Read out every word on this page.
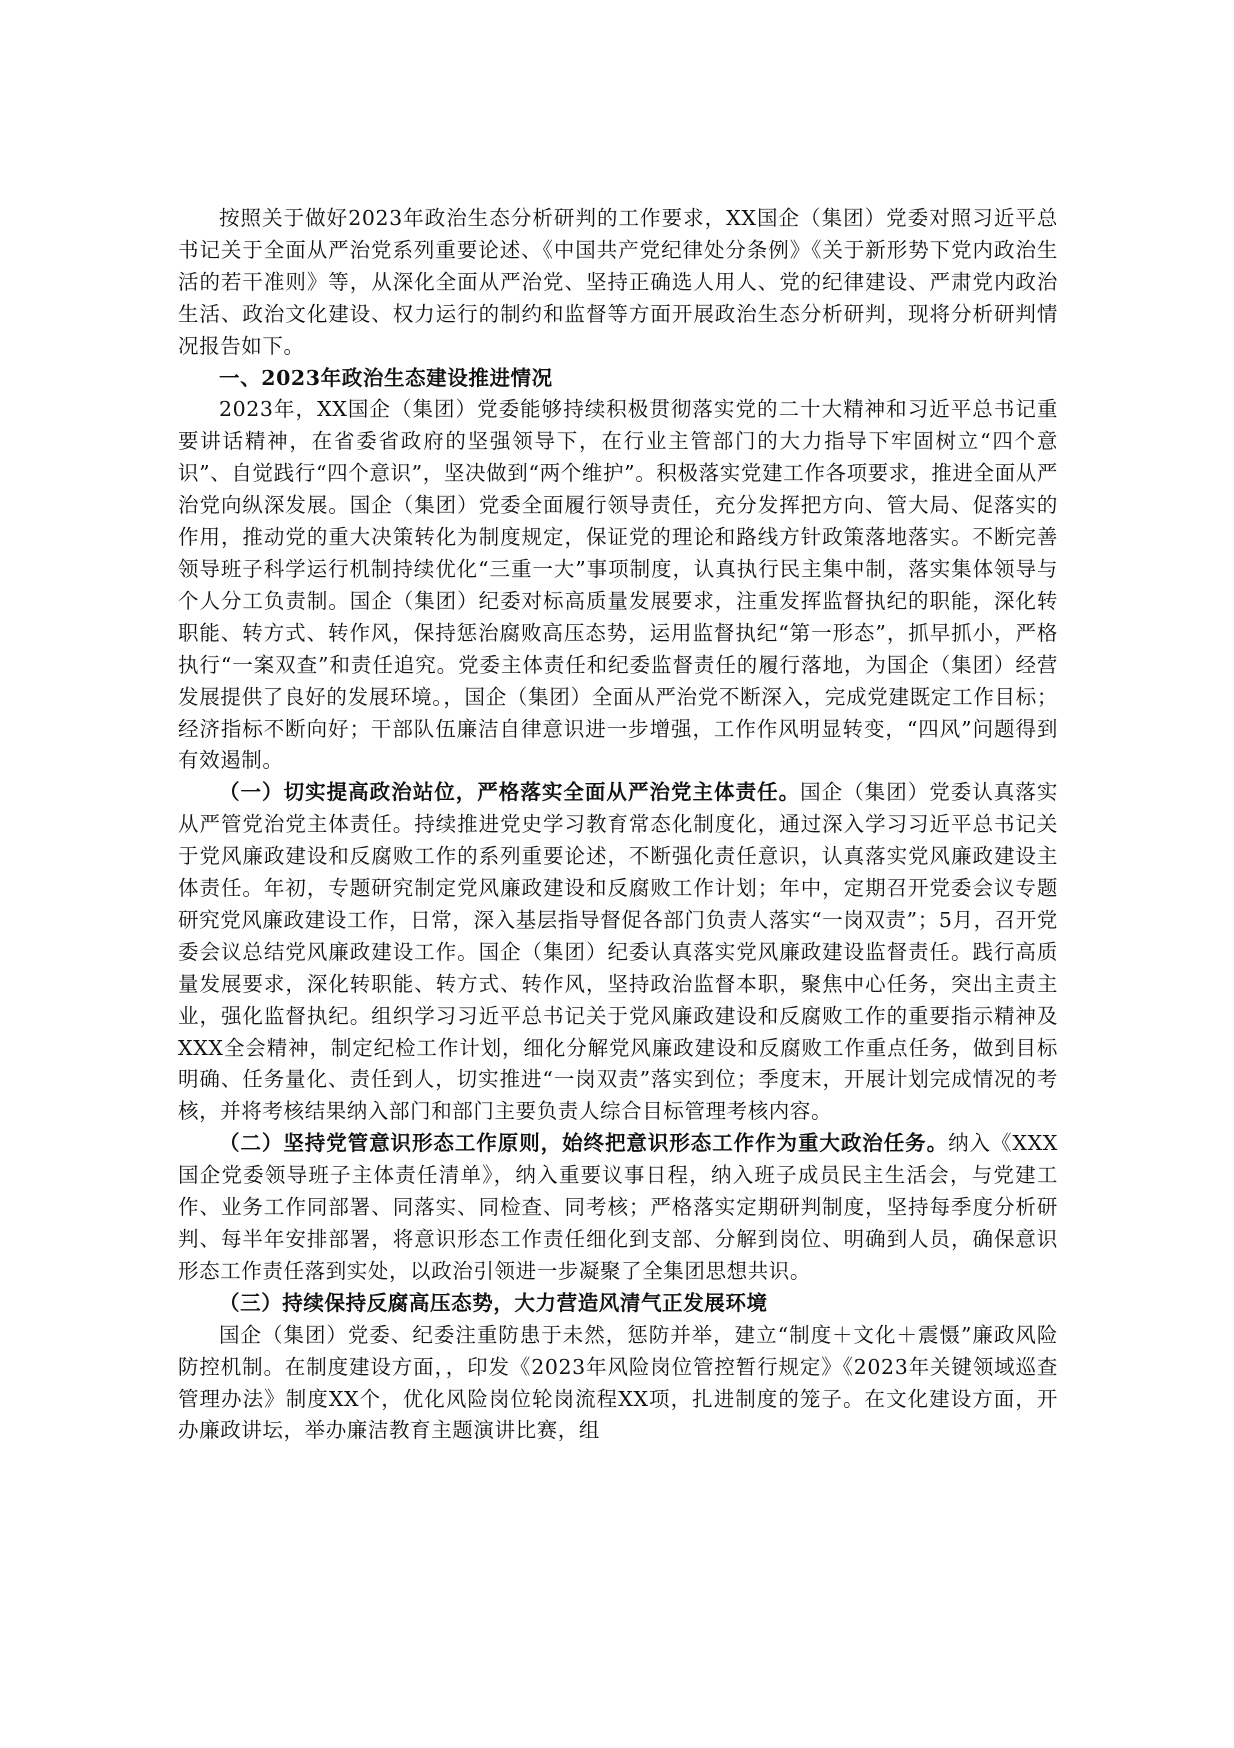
按照关于做好2023年政治生态分析研判的工作要求，XX国企（集团）党委对照习近平总书记关于全面从严治党系列重要论述、《中国共产党纪律处分条例》《关于新形势下党内政治生活的若干准则》等，从深化全面从严治党、坚持正确选人用人、党的纪律建设、严肃党内政治生活、政治文化建设、权力运行的制约和监督等方面开展政治生态分析研判，现将分析研判情况报告如下。

一、2023年政治生态建设推进情况

2023年，XX国企（集团）党委能够持续积极贯彻落实党的二十大精神和习近平总书记重要讲话精神，在省委省政府的坚强领导下，在行业主管部门的大力指导下牢固树立“四个意识”、自觉践行“四个意识”，坚决做到“两个维护”。积极落实党建工作各项要求，推进全面从严治党向纵深发展。国企（集团）党委全面履行领导责任，充分发挥把方向、管大局、促落实的作用，推动党的重大决策转化为制度规定，保证党的理论和路线方针政策落地落实。不断完善领导班子科学运行机制持续优化“三重一大”事项制度，认真执行民主集中制，落实集体领导与个人分工负责制。国企（集团）纪委对标高质量发展要求，注重发挥监督执纪的职能，深化转职能、转方式、转作风，保持惩治腐败高压态势，运用监督执纪“第一形态”，抓早抓小，严格执行“一案双查”和责任追究。党委主体责任和纪委监督责任的履行落地，为国企（集团）经营发展提供了良好的发展环境。，国企（集团）全面从严治党不断深入，完成党建既定工作目标；经济指标不断向好；干部队伍廉洁自律意识进一步增强，工作作风明显转变，“四风”问题得到有效遏制。

（一）切实提高政治站位，严格落实全面从严治党主体责任。国企（集团）党委认真落实从严管党治党主体责任。持续推进党史学习教育常态化制度化，通过深入学习习近平总书记关于党风廉政建设和反腐败工作的系列重要论述，不断强化责任意识，认真落实党风廉政建设主体责任。年初，专题研究制定党风廉政建设和反腐败工作计划；年中，定期召开党委会议专题研究党风廉政建设工作，日常，深入基层指导督促各部门负责人落实“一岗双责”；5月，召开党委会议总结党风廉政建设工作。国企（集团）纪委认真落实党风廉政建设监督责任。践行高质量发展要求，深化转职能、转方式、转作风，坚持政治监督本职，聚焦中心任务，突出主责主业，强化监督执纪。组织学习习近平总书记关于党风廉政建设和反腐败工作的重要指示精神及XXX全会精神，制定纪检工作计划，细化分解党风廉政建设和反腐败工作重点任务，做到目标明确、任务量化、责任到人，切实推进“一岗双责”落实到位；季度末，开展计划完成情况的考核，并将考核结果纳入部门和部门主要负责人综合目标管理考核内容。

（二）坚持党管意识形态工作原则，始终把意识形态工作作为重大政治任务。纳入《XXX国企党委领导班子主体责任清单》，纳入重要议事日程，纳入班子成员民主生活会，与党建工作、业务工作同部署、同落实、同检查、同考核；严格落实定期研判制度，坚持每季度分析研判、每半年安排部署，将意识形态工作责任细化到支部、分解到岗位、明确到人员，确保意识形态工作责任落到实处，以政治引领进一步凝聚了全集团思想共识。

（三）持续保持反腐高压态势，大力营造风清气正发展环境

国企（集团）党委、纪委注重防患于未然，惩防并举，建立“制度＋文化＋震慑”廉政风险防控机制。在制度建设方面，，印发《2023年风险岗位管控暂行规定》《2023年关键领域巡查管理办法》制度XX个，优化风险岗位轮岗流程XX项，扎进制度的笼子。在文化建设方面，开办廉政讲坛，举办廉洁教育主题演讲比赛，组
